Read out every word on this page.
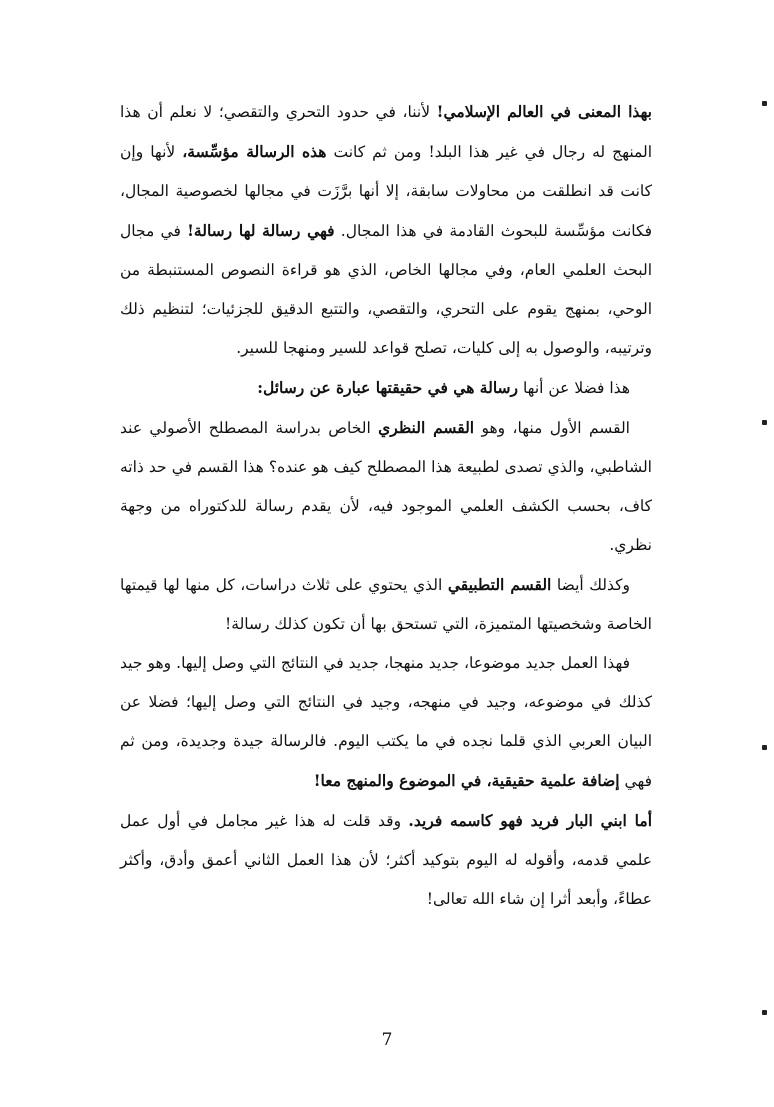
بهذا المعنى في العالم الإسلامي! لأننا، في حدود التحري والتقصي؛ لا نعلم أن هذا المنهج له رجال في غير هذا البلد! ومن ثم كانت هذه الرسالة مؤسِّسة، لأنها وإن كانت قد انطلقت من محاولات سابقة، إلا أنها برَّزَت في مجالها لخصوصية المجال، فكانت مؤسِّسة للبحوث القادمة في هذا المجال. فهي رسالة لها رسالة! في مجال البحث العلمي العام، وفي مجالها الخاص، الذي هو قراءة النصوص المستنبطة من الوحي، بمنهج يقوم على التحري، والتقصي، والتتبع الدقيق للجزئيات؛ لتنظيم ذلك وترتيبه، والوصول به إلى كليات، تصلح قواعد للسير ومنهجا للسير.

هذا فضلا عن أنها رسالة هي في حقيقتها عبارة عن رسائل:

القسم الأول منها، وهو القسم النظري الخاص بدراسة المصطلح الأصولي عند الشاطبي، والذي تصدى لطبيعة هذا المصطلح كيف هو عنده؟ هذا القسم في حد ذاته كاف، بحسب الكشف العلمي الموجود فيه، لأن يقدم رسالة للدكتوراه من وجهة نظري.

وكذلك أيضا القسم التطبيقي الذي يحتوي على ثلاث دراسات، كل منها لها قيمتها الخاصة وشخصيتها المتميزة، التي تستحق بها أن تكون كذلك رسالة!

فهذا العمل جديد موضوعا، جديد منهجا، جديد في النتائج التي وصل إليها. وهو جيد كذلك في موضوعه، وجيد في منهجه، وجيد في النتائج التي وصل إليها؛ فضلا عن البيان العربي الذي قلما نجده في ما يكتب اليوم. فالرسالة جيدة وجديدة، ومن ثم فهي إضافة علمية حقيقية، في الموضوع والمنهج معا!

أما ابني البار فريد فهو كاسمه فريد. وقد قلت له هذا غير مجامل في أول عمل علمي قدمه، وأقوله له اليوم بتوكيد أكثر؛ لأن هذا العمل الثاني أعمق وأدق، وأكثر عطاءً، وأبعد أثرا إن شاء الله تعالى!

7
